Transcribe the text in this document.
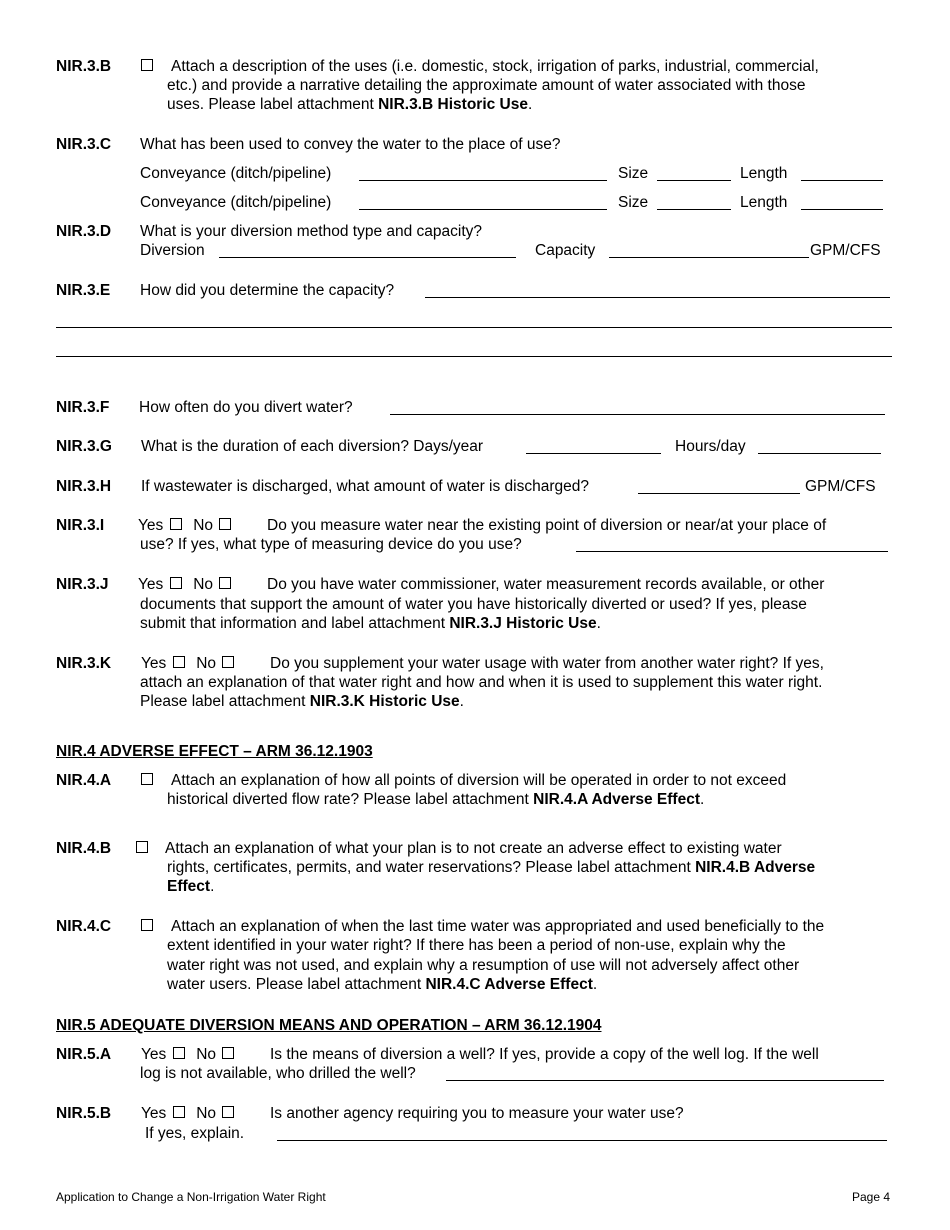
NIR.3.B	Attach a description of the uses (i.e. domestic, stock, irrigation of parks, industrial, commercial,
etc.) and provide a narrative detailing the approximate amount of water associated with those
uses. Please label attachment NIR.3.B Historic Use.
NIR.3.C What has been used to convey the water to the place of use?
Conveyance (ditch/pipeline)	Size	Length
Conveyance (ditch/pipeline)	Size	Length
NIR.3.D What is your diversion method type and capacity?
Diversion	Capacity	GPM/CFS
NIR.3.E How did you determine the capacity?
NIR.3.F How often do you divert water?
NIR.3.G What is the duration of each diversion? Days/year	Hours/day
NIR.3.H If wastewater is discharged, what amount of water is discharged?	GPM/CFS
NIR.3.I Yes No	Do you measure water near the existing point of diversion or near/at your place of
use? If yes, what type of measuring device do you use?
NIR.3.J Yes No	Do you have water commissioner, water measurement records available, or other
documents that support the amount of water you have historically diverted or used? If yes, please
submit that information and label attachment NIR.3.J Historic Use.
NIR.3.K Yes No	Do you supplement your water usage with water from another water right? If yes,
attach an explanation of that water right and how and when it is used to supplement this water right.
Please label attachment NIR.3.K Historic Use.
NIR.4 ADVERSE EFFECT – ARM 36.12.1903
NIR.4.A	Attach an explanation of how all points of diversion will be operated in order to not exceed
historical diverted flow rate? Please label attachment NIR.4.A Adverse Effect.
NIR.4.B	Attach an explanation of what your plan is to not create an adverse effect to existing water
rights, certificates, permits, and water reservations? Please label attachment NIR.4.B Adverse
Effect.
NIR.4.C	Attach an explanation of when the last time water was appropriated and used beneficially to the
extent identified in your water right? If there has been a period of non-use, explain why the
water right was not used, and explain why a resumption of use will not adversely affect other
water users. Please label attachment NIR.4.C Adverse Effect.
NIR.5 ADEQUATE DIVERSION MEANS AND OPERATION – ARM 36.12.1904
NIR.5.A Yes No	Is the means of diversion a well? If yes, provide a copy of the well log. If the well
log is not available, who drilled the well?
NIR.5.B Yes No	Is another agency requiring you to measure your water use?
If yes, explain.
Application to Change a Non-Irrigation Water Right	Page 4
